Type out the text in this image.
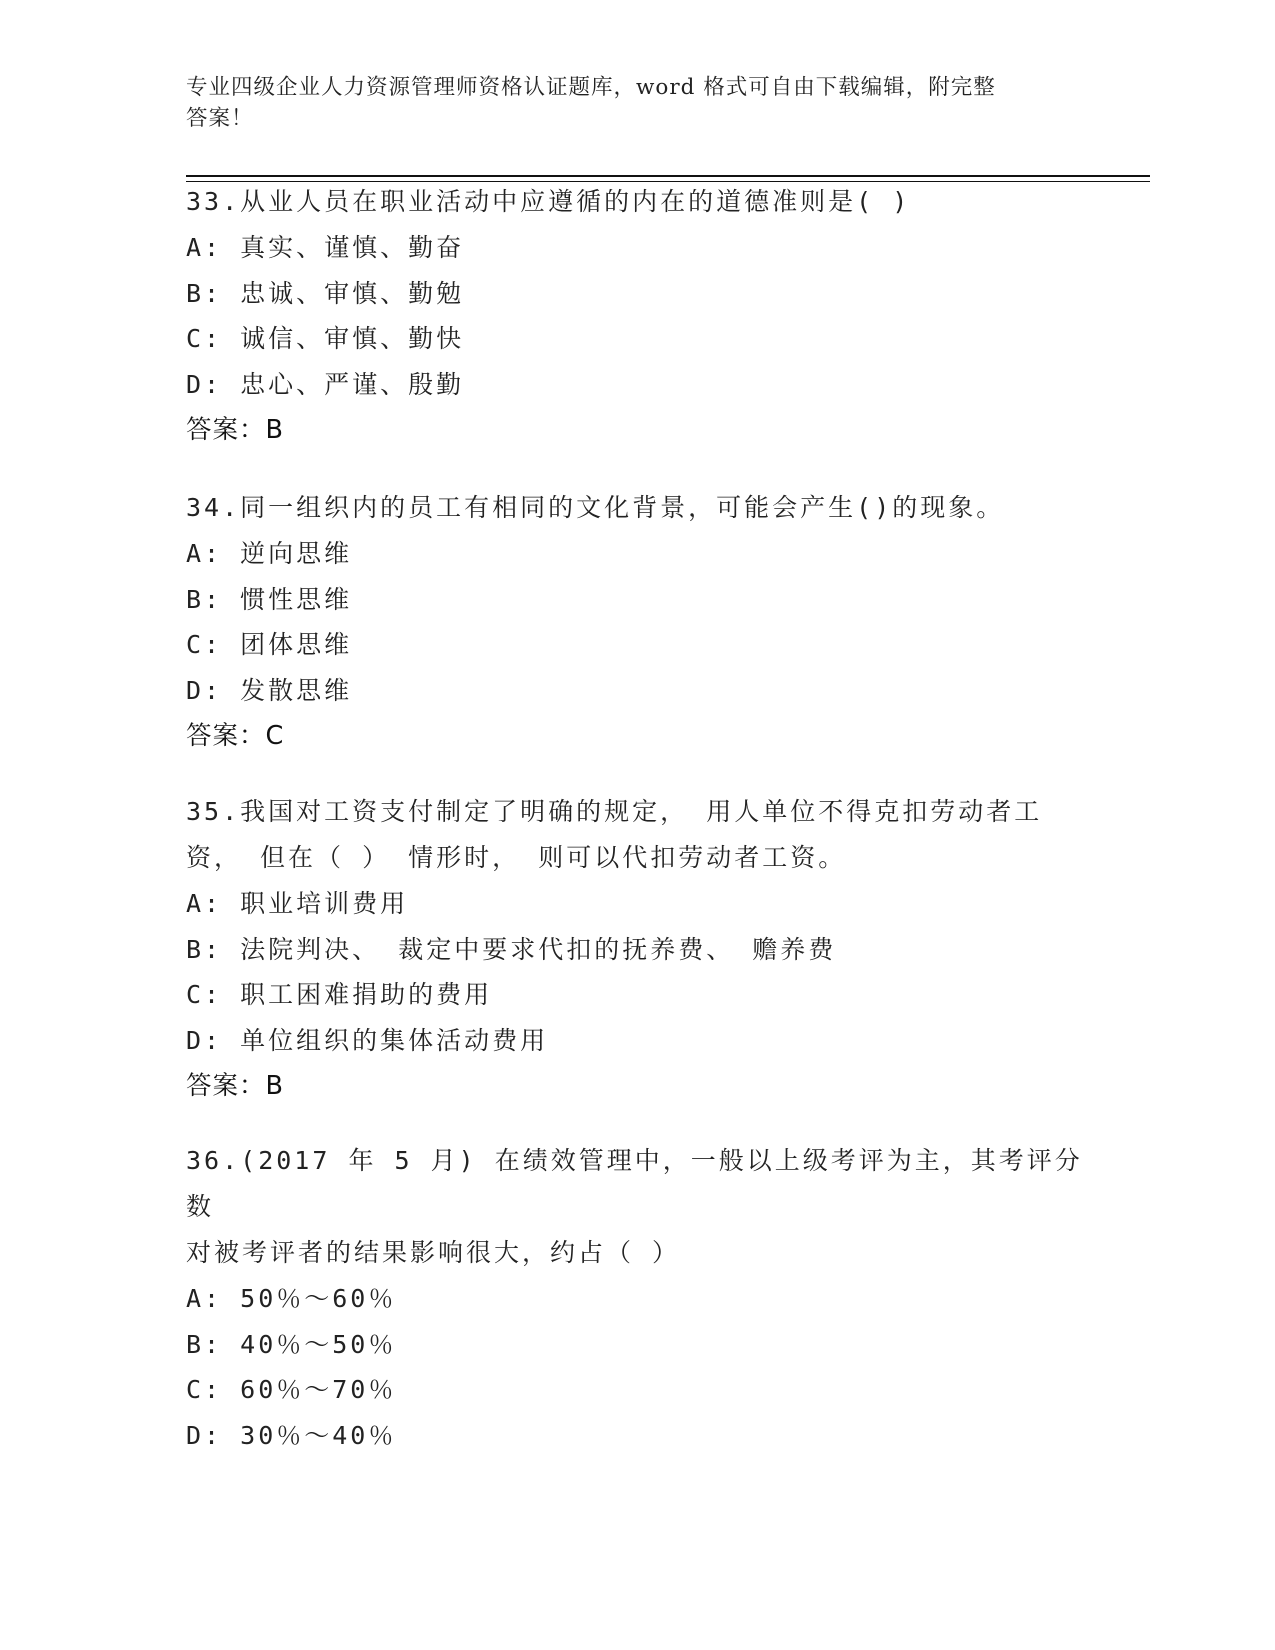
专业四级企业人力资源管理师资格认证题库，word 格式可自由下载编辑，附完整
答案！
33.从业人员在职业活动中应遵循的内在的道德准则是( )
A: 真实、谨慎、勤奋
B: 忠诚、审慎、勤勉
C: 诚信、审慎、勤快
D: 忠心、严谨、殷勤
答案：B
34.同一组织内的员工有相同的文化背景，可能会产生()的现象。
A: 逆向思维
B: 惯性思维
C: 团体思维
D: 发散思维
答案：C
35.我国对工资支付制定了明确的规定， 用人单位不得克扣劳动者工
资， 但在（ ） 情形时， 则可以代扣劳动者工资。
A: 职业培训费用
B: 法院判决、 裁定中要求代扣的抚养费、 赡养费
C: 职工困难捐助的费用
D: 单位组织的集体活动费用
答案：B
36.(2017 年 5 月) 在绩效管理中，一般以上级考评为主，其考评分数
对被考评者的结果影响很大，约占（ ）
A: 50％～60％
B: 40％～50％
C: 60％～70％
D: 30％～40％
